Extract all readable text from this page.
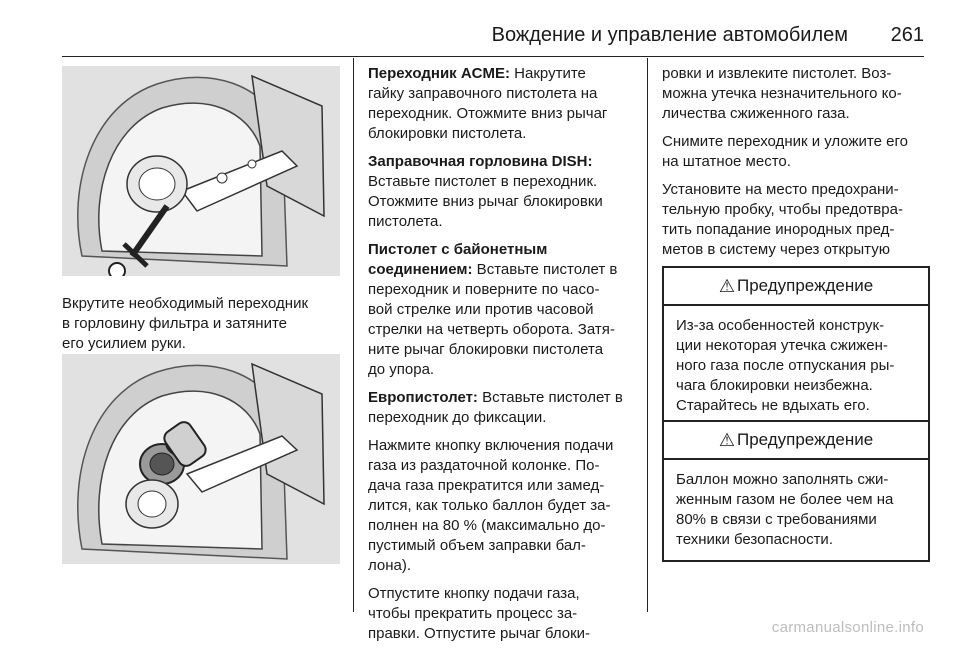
Вождение и управление автомобилем 261
Вкрутите необходимый переходник
в горловину фильтра и затяните
его усилием руки.

Переходник ACME: Накрутите
гайку заправочного пистолета на
переходник. Отожмите вниз рычаг
блокировки пистолета.

Заправочная горловина DISH:
Вставьте пистолет в переходник.
Отожмите вниз рычаг блокировки
пистолета.

Пистолет с байонетным
соединением: Вставьте пистолет в
переходник и поверните по часо-
вой стрелке или против часовой
стрелки на четверть оборота. Затя-
ните рычаг блокировки пистолета
до упора.

Европистолет: Вставьте пистолет в
переходник до фиксации.

Нажмите кнопку включения подачи
газа из раздаточной колонке. По-
дача газа прекратится или замед-
лится, как только баллон будет за-
полнен на 80 % (максимально до-
пустимый объем заправки бал-
лона).

Отпустите кнопку подачи газа,
чтобы прекратить процесс за-
правки. Отпустите рычаг блоки-

ровки и извлеките пистолет. Воз-
можна утечка незначительного ко-
личества сжиженного газа.

Снимите переходник и уложите его
на штатное место.

Установите на место предохрани-
тельную пробку, чтобы предотвра-
тить попадание инородных пред-
метов в систему через открытую

⚠ Предупреждение
Из-за особенностей конструк-
ции некоторая утечка сжижен-
ного газа после отпускания ры-
чага блокировки неизбежна.
Старайтесь не вдыхать его.
⚠ Предупреждение
Баллон можно заполнять сжи-
женным газом не более чем на
80% в связи с требованиями
техники безопасности.
carmanualsonline.info
